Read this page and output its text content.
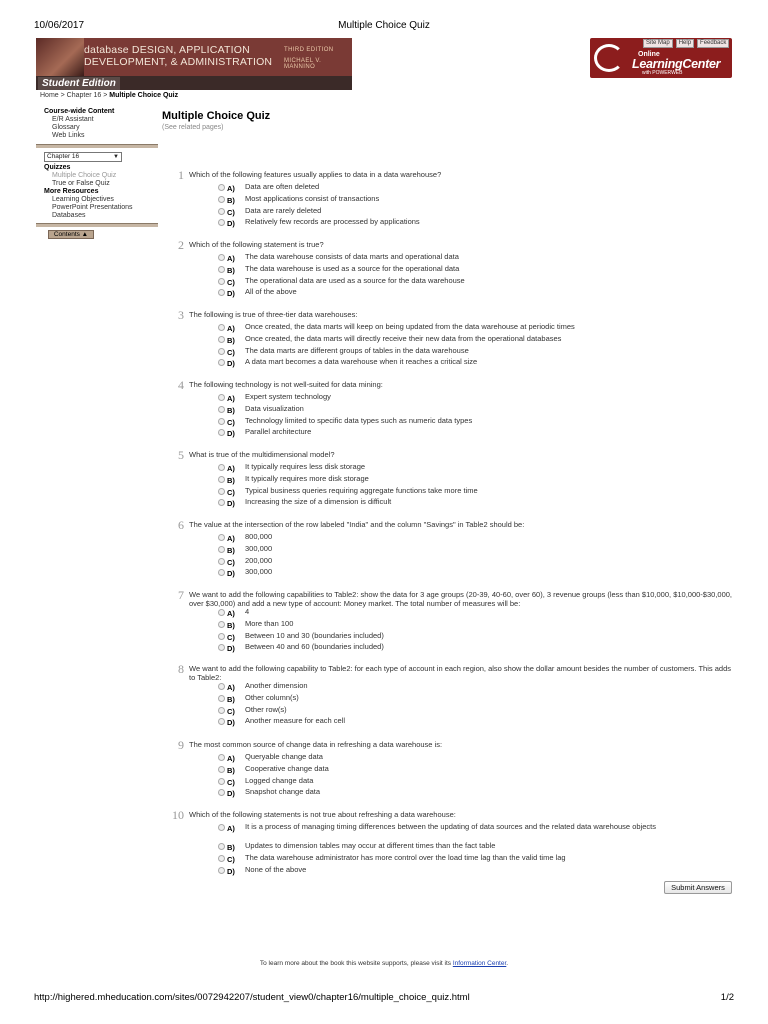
10/06/2017	Multiple Choice Quiz
database DESIGN, APPLICATION
DEVELOPMENT, & ADMINISTRATION
THIRD EDITION
MICHAEL V. MANNINO
Student Edition
Online
LearningCenter
with POWERWEB
Site Map	Help	Feedback
Home > Chapter 16 > Multiple Choice Quiz
Course-wide Content
E/R Assistant
Glossary
Web Links
Chapter 16	▼
Quizzes
Multiple Choice Quiz
True or False Quiz
More Resources
Learning Objectives
PowerPoint Presentations
Databases
Contents ▲
Multiple Choice Quiz
(See related pages)
1 Which of the following features usually applies to data in a data warehouse?
A)	Data are often deleted
B)	Most applications consist of transactions
C)	Data are rarely deleted
D)	Relatively few records are processed by applications
2 Which of the following statement is true?
A)	The data warehouse consists of data marts and operational data
B)	The data warehouse is used as a source for the operational data
C)	The operational data are used as a source for the data warehouse
D)	All of the above
3 The following is true of three-tier data warehouses:
A)	Once created, the data marts will keep on being updated from the data warehouse at periodic times
B)	Once created, the data marts will directly receive their new data from the operational databases
C)	The data marts are different groups of tables in the data warehouse
D)	A data mart becomes a data warehouse when it reaches a critical size
4 The following technology is not well-suited for data mining:
A)	Expert system technology
B)	Data visualization
C)	Technology limited to specific data types such as numeric data types
D)	Parallel architecture
5 What is true of the multidimensional model?
A)	It typically requires less disk storage
B)	It typically requires more disk storage
C)	Typical business queries requiring aggregate functions take more time
D)	Increasing the size of a dimension is difficult
6 The value at the intersection of the row labeled "India" and the column "Savings" in Table2 should be:
A)	800,000
B)	300,000
C)	200,000
D)	300,000
7 We want to add the following capabilities to Table2: show the data for 3 age groups (20-39, 40-60, over 60), 3 revenue groups (less than $10,000, $10,000-$30,000, over $30,000) and add a new type of account: Money market. The total number of measures will be:
A)	4
B)	More than 100
C)	Between 10 and 30 (boundaries included)
D)	Between 40 and 60 (boundaries included)
8 We want to add the following capability to Table2: for each type of account in each region, also show the dollar amount besides the number of customers. This adds to Table2:
A)	Another dimension
B)	Other column(s)
C)	Other row(s)
D)	Another measure for each cell
9 The most common source of change data in refreshing a data warehouse is:
A)	Queryable change data
B)	Cooperative change data
C)	Logged change data
D)	Snapshot change data
10 Which of the following statements is not true about refreshing a data warehouse:
A)	It is a process of managing timing differences between the updating of data sources and the related data warehouse objects
B)	Updates to dimension tables may occur at different times than the fact table
C)	The data warehouse administrator has more control over the load time lag than the valid time lag
D)	None of the above
Submit Answers
To learn more about the book this website supports, please visit its Information Center.
http://highered.mheducation.com/sites/0072942207/student_view0/chapter16/multiple_choice_quiz.html	1/2
